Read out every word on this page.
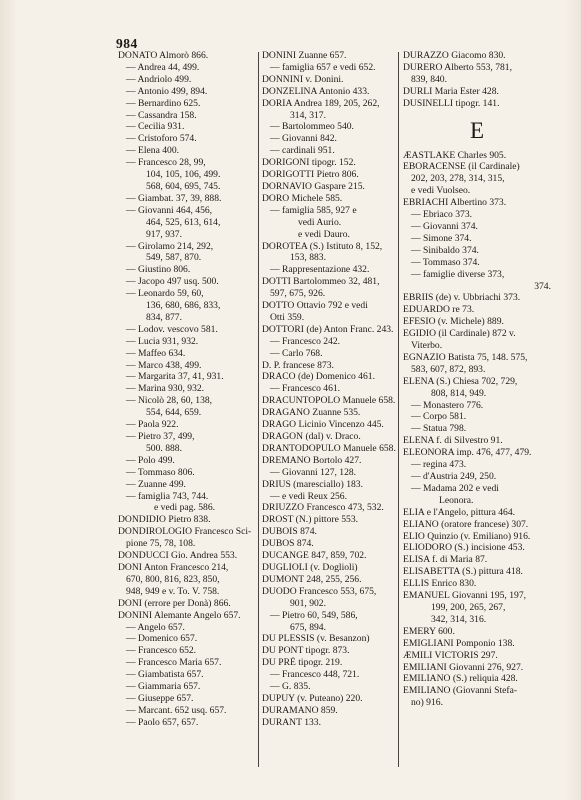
984
DONATO Almorò 866.
— Andrea 44, 499.
— Andriolo 499.
— Antonio 499, 894.
— Bernardino 625.
— Cassandra 158.
— Cecilia 931.
— Cristoforo 574.
— Elena 400.
— Francesco 28, 99,
104, 105, 106, 499.
568, 604, 695, 745.
— Giambat. 37, 39, 888.
— Giovanni 464, 456,
464, 525, 613, 614,
917, 937.
— Girolamo 214, 292,
549, 587, 870.
— Giustino 806.
— Jacopo 497 usq. 500.
— Leonardo 59, 60,
136, 680, 686, 833,
834, 877.
— Lodov. vescovo 581.
— Lucia 931, 932.
— Maffeo 634.
— Marco 438, 499.
— Margarita 37, 41, 931.
— Marina 930, 932.
— Nicolò 28, 60, 138,
554, 644, 659.
— Paola 922.
— Pietro 37, 499,
500. 888.
— Polo 499.
— Tommaso 806.
— Zuanne 499.
— famiglia 743, 744.
e vedi pag. 586.
DONDIDIO Pietro 838.
DONDIROLOGIO Francesco Sci-
pione 75, 78, 108.
DONDUCCI Gio. Andrea 553.
DONI Anton Francesco 214,
670, 800, 816, 823, 850,
948, 949 e v. To. V. 758.
DONI (errore per Donà) 866.
DONINI Alemante Angelo 657.
— Angelo 657.
— Domenico 657.
— Francesco 652.
— Francesco Maria 657.
— Giambatista 657.
— Giammaria 657.
— Giuseppe 657.
— Marcant. 652 usq. 657.
— Paolo 657, 657.
DONINI Zuanne 657.
— famiglia 657 e vedi 652.
DONNINI v. Donini.
DONZELINA Antonio 433.
DORIA Andrea 189, 205, 262,
314, 317.
— Bartolommeo 540.
— Giovanni 842.
— cardinali 951.
DORIGONI tipogr. 152.
DORIGOTTI Pietro 806.
DORNAVIO Gaspare 215.
DORO Michele 585.
— famiglia 585, 927 e
vedi Aurio.
e vedi Dauro.
DOROTEA (S.) Istituto 8, 152,
153, 883.
— Rappresentazione 432.
DOTTI Bartolommeo 32, 481,
597, 675, 926.
DOTTO Ottavio 792 e vedi
Otti 359.
DOTTORI (de) Anton Franc. 243.
— Francesco 242.
— Carlo 768.
D. P. francese 873.
DRACO (de) Domenico 461.
— Francesco 461.
DRACUNTOPOLO Manuele 658.
DRAGANO Zuanne 535.
DRAGO Licinio Vincenzo 445.
DRAGON (dal) v. Draco.
DRANTODOPULO Manuele 658.
DREMANO Bortolo 427.
— Giovanni 127, 128.
DRIUS (maresciallo) 183.
— e vedi Reux 256.
DRIUZZO Francesco 473, 532.
DROST (N.) pittore 553.
DUBOIS 874.
DUBOS 874.
DUCANGE 847, 859, 702.
DUGLIOLI (v. Doglioli)
DUMONT 248, 255, 256.
DUODO Francesco 553, 675,
901, 902.
— Pietro 60, 549, 586,
675, 894.
DU PLESSIS (v. Besanzon)
DU PONT tipogr. 873.
DU PRÉ tipogr. 219.
— Francesco 448, 721.
— G. 835.
DUPUY (v. Puteano) 220.
DURAMANO 859.
DURANT 133.
DURAZZO Giacomo 830.
DURERO Alberto 553, 781,
839, 840.
DURLI Maria Ester 428.
DUSINELLI tipogr. 141.
E
ÆASTLAKE Charles 905.
EBORACENSE (il Cardinale)
202, 203, 278, 314, 315,
e vedi Vuolseo.
EBRIACHI Albertino 373.
— Ebriaco 373.
— Giovanni 374.
— Simone 374.
— Sinibaldo 374.
— Tommaso 374.
— famiglie diverse 373,
374.
EBRIIS (de) v. Ubbriachi 373.
EDUARDO re 73.
EFESIO (v. Michele) 889.
EGIDIO (il Cardinale) 872 v.
Viterbo.
EGNAZIO Batista 75, 148. 575,
583, 607, 872, 893.
ELENA (S.) Chiesa 702, 729,
808, 814, 949.
— Monastero 776.
— Corpo 581.
— Statua 798.
ELENA f. di Silvestro 91.
ELEONORA imp. 476, 477, 479.
— regina 473.
— d'Austria 249, 250.
— Madama 202 e vedi
Leonora.
ELIA e l'Angelo, pittura 464.
ELIANO (oratore francese) 307.
ELIO Quinzio (v. Emiliano) 916.
ELIODORO (S.) incisione 453.
ELISA f. di Maria 87.
ELISABETTA (S.) pittura 418.
ELLIS Enrico 830.
EMANUEL Giovanni 195, 197,
199, 200, 265, 267,
342, 314, 316.
EMERY 600.
EMIGLIANI Pomponio 138.
ÆMILI VICTORIS 297.
EMILIANI Giovanni 276, 927.
EMILIANO (S.) reliquia 428.
EMILIANO (Giovanni Stefa-
no) 916.
